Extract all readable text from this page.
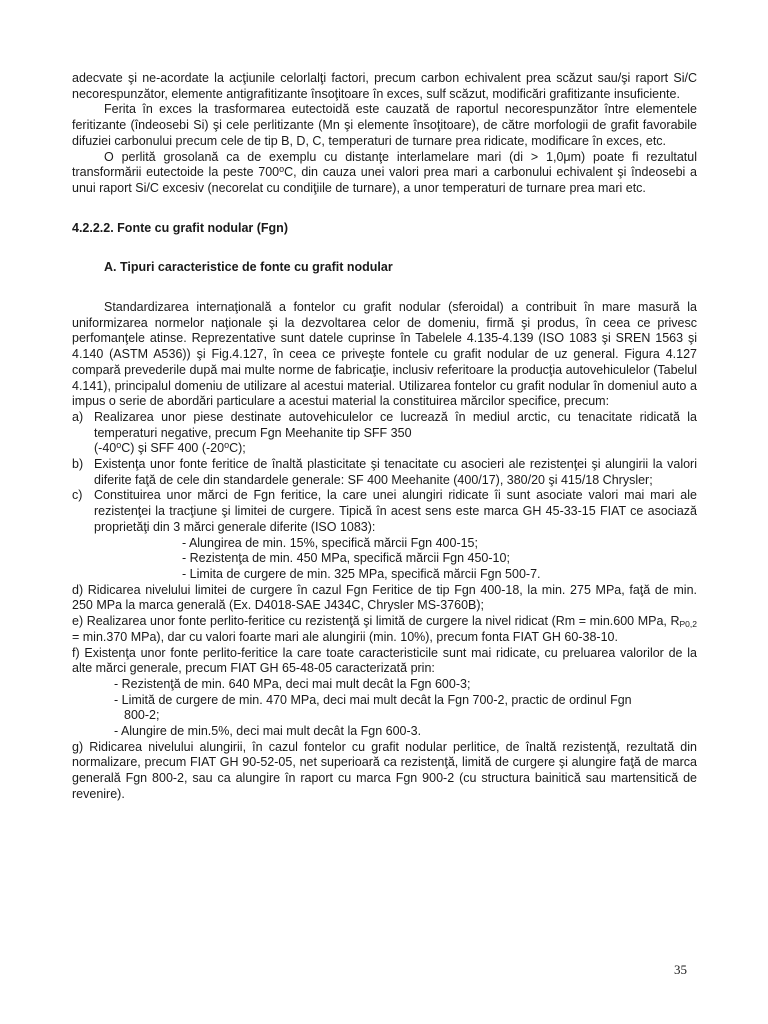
adecvate şi ne-acordate la acţiunile celorlalţi factori, precum carbon echivalent prea scăzut sau/şi raport Si/C necorespunzător, elemente antigrafitizante însoţitoare în exces, sulf scăzut, modificări grafitizante insuficiente.

Ferita în exces la trasformarea eutectoidă este cauzată de raportul necorespunzător între elementele feritizante (îndeosebi Si) şi cele perlitizante (Mn şi elemente însoţitoare), de către morfologii de grafit favorabile difuziei carbonului precum cele de tip B, D, C, temperaturi de turnare prea ridicate, modificare în exces, etc.

O perlită grosolană ca de exemplu cu distanţe interlamelare mari (di > 1,0μm) poate fi rezultatul transformării eutectoide la peste 700$^o$C, din cauza unei valori prea mari a carbonului echivalent şi îndeosebi a unui raport Si/C excesiv (necorelat cu condiţiile de turnare), a unor temperaturi de turnare prea mari etc.

4.2.2.2. Fonte cu grafit nodular (Fgn)

A. Tipuri caracteristice de fonte cu grafit nodular

Standardizarea internaţională a fontelor cu grafit nodular (sferoidal) a contribuit în mare masură la uniformizarea normelor naţionale şi la dezvoltarea celor de domeniu, firmă şi produs, în ceea ce privesc perfomanţele atinse. Reprezentative sunt datele cuprinse în Tabelele 4.135-4.139 (ISO 1083 şi SREN 1563 şi 4.140 (ASTM A536)) şi Fig.4.127, în ceea ce priveşte fontele cu grafit nodular de uz general. Figura 4.127 compară prevederile după mai multe norme de fabricaţie, inclusiv referitoare la producţia autovehiculelor (Tabelul 4.141), principalul domeniu de utilizare al acestui material. Utilizarea fontelor cu grafit nodular în domeniul auto a impus o serie de abordări particulare a acestui material la constituirea mărcilor specifice, precum:

a) Realizarea unor piese destinate autovehiculelor ce lucrează în mediul arctic, cu tenacitate ridicată la temperaturi negative, precum Fgn Meehanite tip SFF 350
(-40$^o$C) şi SFF 400 (-20$^o$C);
b) Existenţa unor fonte feritice de înaltă plasticitate şi tenacitate cu asocieri ale rezistenţei şi alungirii la valori diferite faţă de cele din standardele generale: SF 400 Meehanite (400/17), 380/20 şi 415/18 Chrysler;
c) Constituirea unor mărci de Fgn feritice, la care unei alungiri ridicate îi sunt asociate valori mai mari ale rezistenţei la tracţiune şi limitei de curgere. Tipică în acest sens este marca GH 45-33-15 FIAT ce asociază proprietăţi din 3 mărci generale diferite (ISO 1083):
- Alungirea de min. 15%, specifică mărcii Fgn 400-15;
- Rezistenţa de min. 450 MPa, specifică mărcii Fgn 450-10;
- Limita de curgere de min. 325 MPa, specifică mărcii Fgn 500-7.

d) Ridicarea nivelului limitei de curgere în cazul Fgn Feritice de tip Fgn 400-18, la min. 275 MPa, faţă de min. 250 MPa la marca generală (Ex. D4018-SAE J434C, Chrysler MS-3760B);

e) Realizarea unor fonte perlito-feritice cu rezistenţă şi limită de curgere la nivel ridicat (Rm = min.600 MPa, $R_{P0,2} = \min.370$ MPa), dar cu valori foarte mari ale alungirii (min. 10%), precum fonta FIAT GH 60-38-10.

f) Existenţa unor fonte perlito-feritice la care toate caracteristicile sunt mai ridicate, cu preluarea valorilor de la alte mărci generale, precum FIAT GH 65-48-05 caracterizată prin:

- Rezistenţă de min. 640 MPa, deci mai mult decât la Fgn 600-3;
- Limită de curgere de min. 470 MPa, deci mai mult decât la Fgn 700-2, practic de ordinul Fgn
800-2;
- Alungire de min.5%, deci mai mult decât la Fgn 600-3.

g) Ridicarea nivelului alungirii, în cazul fontelor cu grafit nodular perlitice, de înaltă rezistenţă, rezultată din normalizare, precum FIAT GH 90-52-05, net superioară ca rezistenţă, limită de curgere şi alungire faţă de marca generală Fgn 800-2, sau ca alungire în raport cu marca Fgn 900-2 (cu structura bainitică sau martensitică de revenire).

35
